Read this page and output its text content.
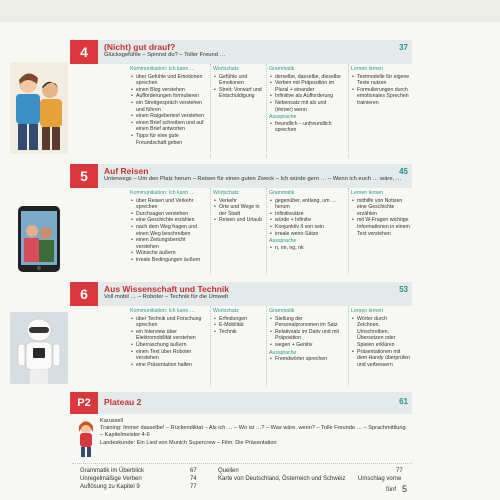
4	(Nicht) gut drauf?
Glücksgefühle – Spinnst du? – Toller Freund …
37
Kommunikation: Ich kann …
• über Gefühle und Emotionen sprechen
• einen Blog verstehen
• Aufforderungen formulieren
• ein Streitgespräch verstehen und führen
• einen Ratgebertext verstehen
• einen Brief schreiben und auf einen Brief antworten
• Tipps für eine gute Freundschaft geben
Wortschatz
• Gefühle und Emotionen
• Streit: Vorwurf und Entschuldigung
Grammatik
• derselbe, dasselbe, dieselbe
• Verben mit Präposition im Plural + einander
• Infinitive als Aufforderung
• Nebensatz mit als und (immer) wenn
Aussprache
• freundlich – unfreundlich sprechen
Lernen lernen
• Textmodelle für eigene Texte nutzen
• Formulierungen durch emotionales Sprechen trainieren
5	Auf Reisen
Unterwegs – Um den Platz herum – Reisen für einen guten Zweck – Ich würde gern … – Wenn ich euch … wäre, …
45
Kommunikation: Ich kann …
• über Reisen und Verkehr sprechen
• Durchsagen verstehen
• eine Geschichte erzählen
• nach dem Weg fragen und einen Weg beschreiben
• einen Zeitungsbericht verstehen
• Wünsche äußern
• irreale Bedingungen äußern
Wortschatz
• Verkehr
• Orte und Wege in der Stadt
• Reisen und Urlaub
Grammatik
• gegenüber, entlang, um … herum
• Infinitivsätze
• würde + Infinitiv
• Konjunktiv II von sein
• irreale wenn-Sätze
Aussprache
• n, nn, ng, nk
Lernen lernen
• mithilfe von Notizen eine Geschichte erzählen
• mit W-Fragen wichtige Informationen in einem Text verstehen
6	Aus Wissenschaft und Technik
Voll mobil … – Roboter – Technik für die Umwelt
53
Kommunikation: Ich kann …
• über Technik und Forschung sprechen
• ein Interview über Elektromobilität verstehen
• Überraschung äußern
• einen Text über Roboter verstehen
• eine Präsentation halten
Wortschatz
• Erfindungen
• E-Mobilität
• Technik
Grammatik
• Stellung der Personalpronomen im Satz
• Relativsatz im Dativ und mit Präposition
• wegen + Genitiv
Aussprache
• Fremdwörter sprechen
Lernen lernen
• Wörter durch Zeichnen, Umschreiben, Übersetzen oder Spielen erklären
• Präsentationen mit dem Handy überprüfen und verbessern
P2	Plateau 2	61
Karussell
Training: Immer dasselbe! – Rückendiktat – Als ich … – Wo ist …? – Was wäre, wenn? – Tolle Freunde … – Sprachmittlung – Kapitelmeister 4-6
Landeskunde: Ein Lied von Munich Supercrew – Film: Die Präsentation
Grammatik im Überblick	67
Unregelmäßige Verben	74
Auflösung zu Kapitel 9	77
Quellen	77
Karte von Deutschland, Österreich und Schweiz Umschlag vorne
fünf 5
